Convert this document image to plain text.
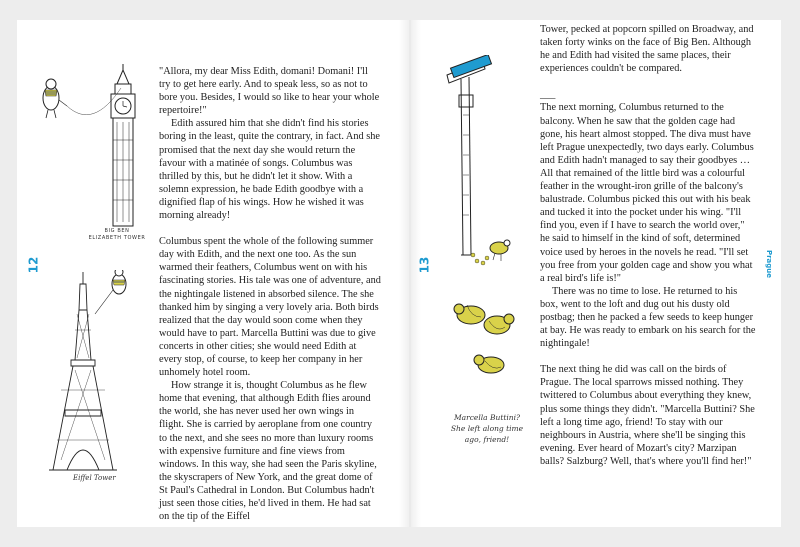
12
BIG BEN
ELIZABETH TOWER
Eiffel Tower

"Allora, my dear Miss Edith, domani! Domani! I'll try to get here early. And to speak less, so as not to bore you. Besides, I would so like to hear your whole repertoire!"

Edith assured him that she didn't find his stories boring in the least, quite the contrary, in fact. And she promised that the next day she would return the favour with a matinée of songs. Columbus was thrilled by this, but he didn't let it show. With a solemn expression, he bade Edith goodbye with a dignified flap of his wings. How he wished it was morning already!

Columbus spent the whole of the following summer day with Edith, and the next one too. As the sun warmed their feathers, Columbus went on with his fascinating stories. His tale was one of adventure, and the nightingale listened in absorbed silence. The she thanked him by singing a very lovely aria. Both birds realized that the day would soon come when they would have to part. Marcella Buttini was due to give concerts in other cities; she would need Edith at every stop, of course, to keep her company in her unhomely hotel room.

How strange it is, thought Columbus as he flew home that evening, that although Edith flies around the world, she has never used her own wings in flight. She is carried by aeroplane from one country to the next, and she sees no more than luxury rooms with expensive furniture and fine views from windows. In this way, she had seen the Paris skyline, the skyscrapers of New York, and the great dome of St Paul's Cathedral in London. But Columbus hadn't just seen those cities, he'd lived in them. He had sat on the tip of the Eiffel

13	Prague
Marcella Buttini?
She left along time
ago, friend!

Tower, pecked at popcorn spilled on Broadway, and taken forty winks on the face of Big Ben. Although he and Edith had visited the same places, their experiences couldn't be compared.

___

The next morning, Columbus returned to the balcony. When he saw that the golden cage had gone, his heart almost stopped. The diva must have left Prague unexpectedly, two days early. Columbus and Edith hadn't managed to say their goodbyes … All that remained of the little bird was a colourful feather in the wrought-iron grille of the balcony's balustrade. Columbus picked this out with his beak and tucked it into the pocket under his wing. "I'll find you, even if I have to search the world over," he said to himself in the kind of soft, determined voice used by heroes in the novels he read. "I'll set you free from your golden cage and show you what a real bird's life is!"

There was no time to lose. He returned to his box, went to the loft and dug out his dusty old postbag; then he packed a few seeds to keep hunger at bay. He was ready to embark on his search for the nightingale!

The next thing he did was call on the birds of Prague. The local sparrows missed nothing. They twittered to Columbus about everything they knew, plus some things they didn't. "Marcella Buttini? She left a long time ago, friend! To stay with our neighbours in Austria, where she'll be singing this evening. Ever heard of Mozart's city? Marzipan balls? Salzburg? Well, that's where you'll find her!"
